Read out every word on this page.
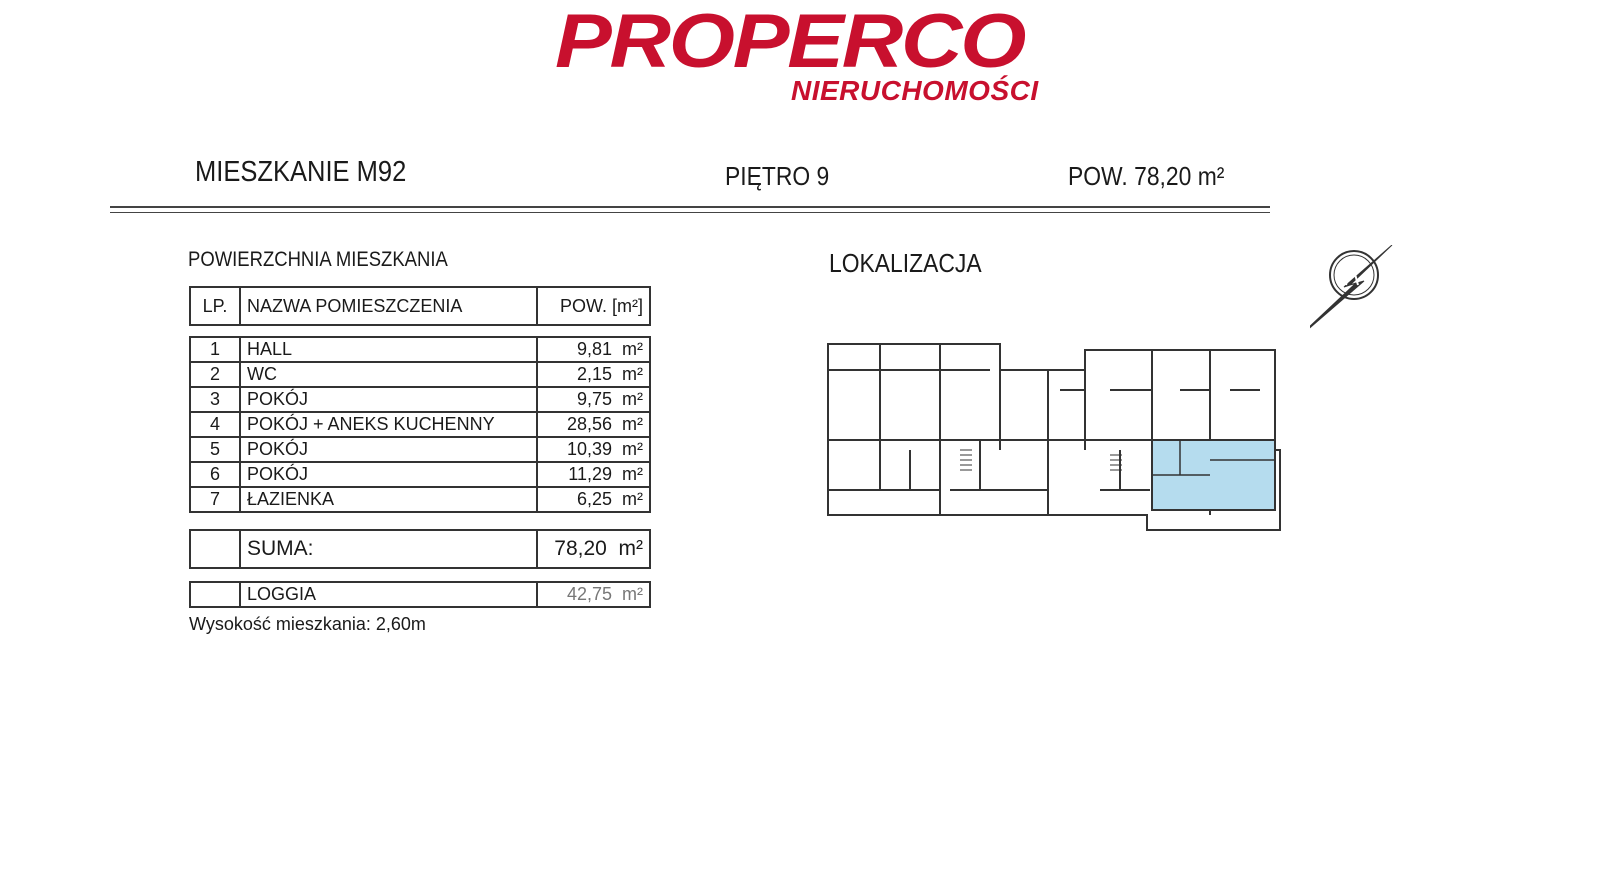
PROPERCO
NIERUCHOMOŚCI
MIESZKANIE M92	PIĘTRO 9	POW. 78,20 m²
POWIERZCHNIA MIESZKANIA	LOKALIZACJA
LP.	NAZWA POMIESZCZENIA	POW. [m²]
1	HALL	9,81 m²
2	WC	2,15 m²
3	POKÓJ	9,75 m²
4	POKÓJ + ANEKS KUCHENNY	28,56 m²
5	POKÓJ	10,39 m²
6	POKÓJ	11,29 m²
7	ŁAZIENKA	6,25 m²
	SUMA:	78,20 m²
	LOGGIA	42,75 m²
Wysokość mieszkania: 2,60m
